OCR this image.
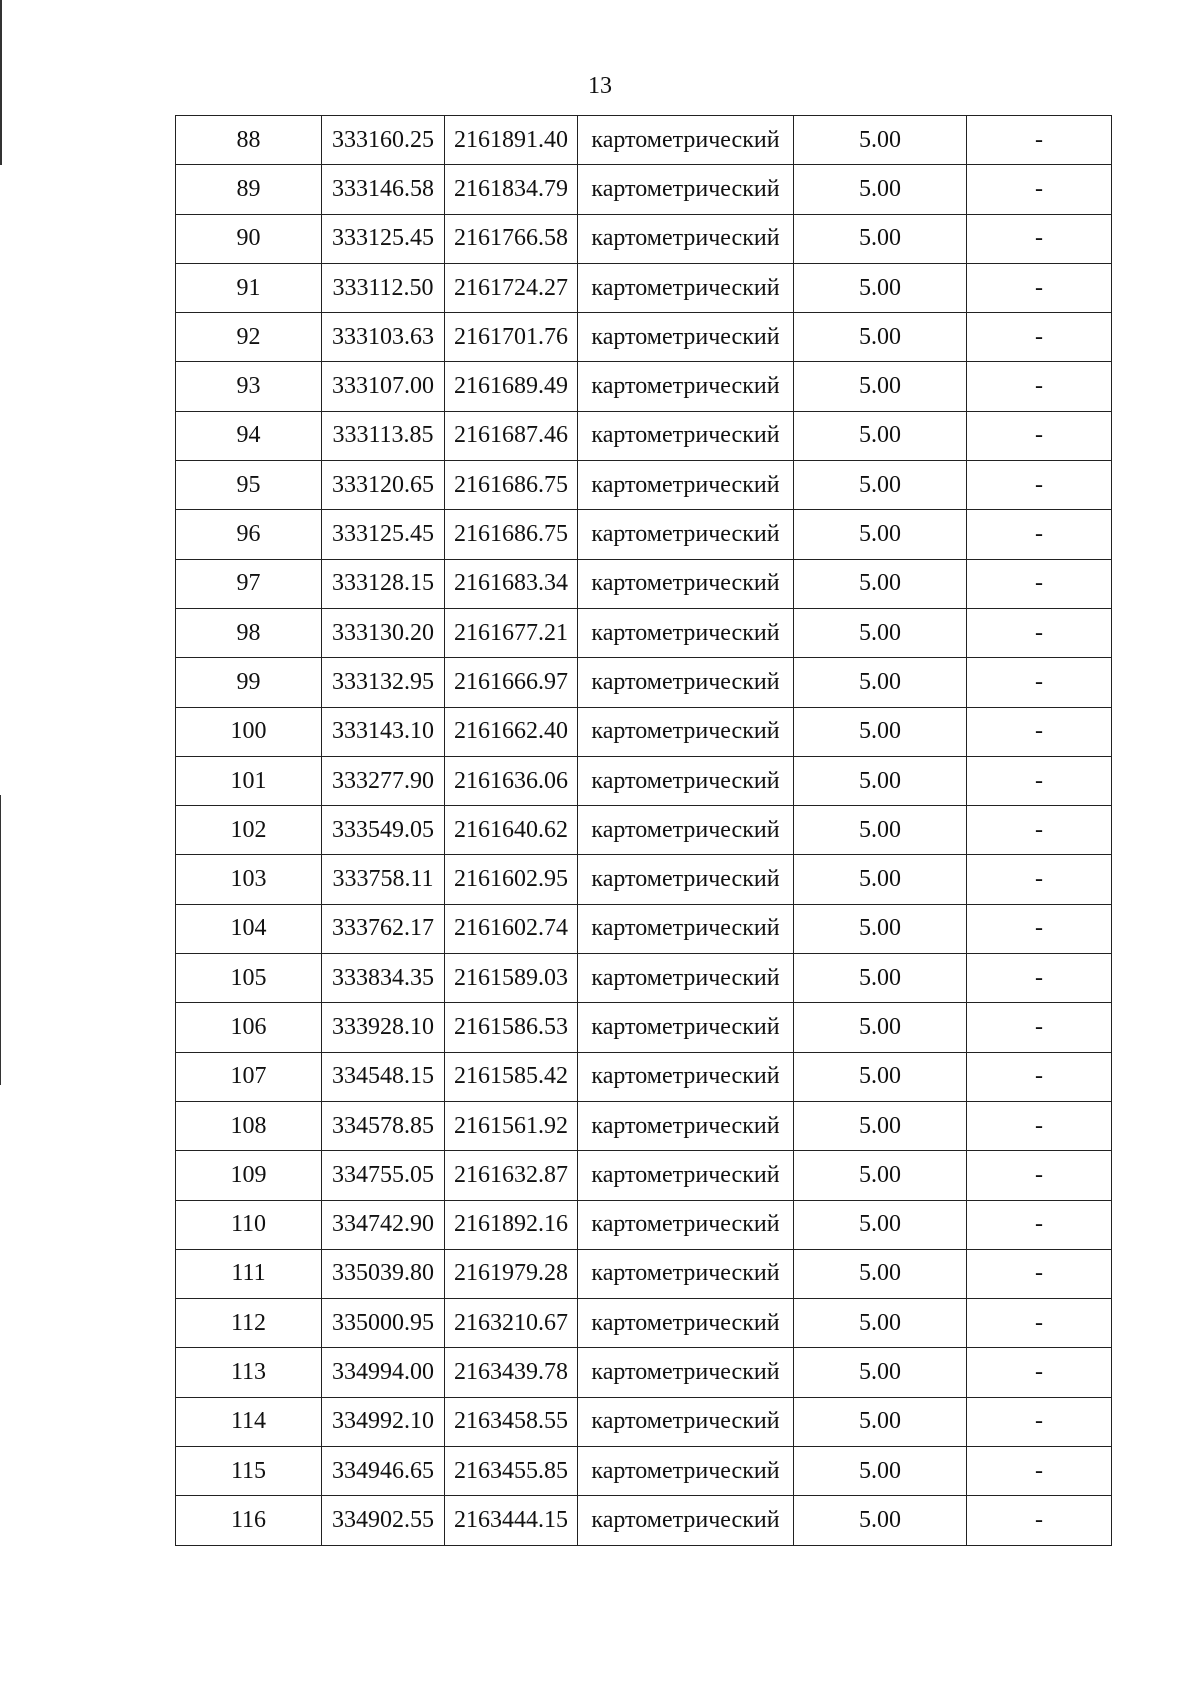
13
88	333160.25	2161891.40	картометрический	5.00	-
89	333146.58	2161834.79	картометрический	5.00	-
90	333125.45	2161766.58	картометрический	5.00	-
91	333112.50	2161724.27	картометрический	5.00	-
92	333103.63	2161701.76	картометрический	5.00	-
93	333107.00	2161689.49	картометрический	5.00	-
94	333113.85	2161687.46	картометрический	5.00	-
95	333120.65	2161686.75	картометрический	5.00	-
96	333125.45	2161686.75	картометрический	5.00	-
97	333128.15	2161683.34	картометрический	5.00	-
98	333130.20	2161677.21	картометрический	5.00	-
99	333132.95	2161666.97	картометрический	5.00	-
100	333143.10	2161662.40	картометрический	5.00	-
101	333277.90	2161636.06	картометрический	5.00	-
102	333549.05	2161640.62	картометрический	5.00	-
103	333758.11	2161602.95	картометрический	5.00	-
104	333762.17	2161602.74	картометрический	5.00	-
105	333834.35	2161589.03	картометрический	5.00	-
106	333928.10	2161586.53	картометрический	5.00	-
107	334548.15	2161585.42	картометрический	5.00	-
108	334578.85	2161561.92	картометрический	5.00	-
109	334755.05	2161632.87	картометрический	5.00	-
110	334742.90	2161892.16	картометрический	5.00	-
111	335039.80	2161979.28	картометрический	5.00	-
112	335000.95	2163210.67	картометрический	5.00	-
113	334994.00	2163439.78	картометрический	5.00	-
114	334992.10	2163458.55	картометрический	5.00	-
115	334946.65	2163455.85	картометрический	5.00	-
116	334902.55	2163444.15	картометрический	5.00	-
